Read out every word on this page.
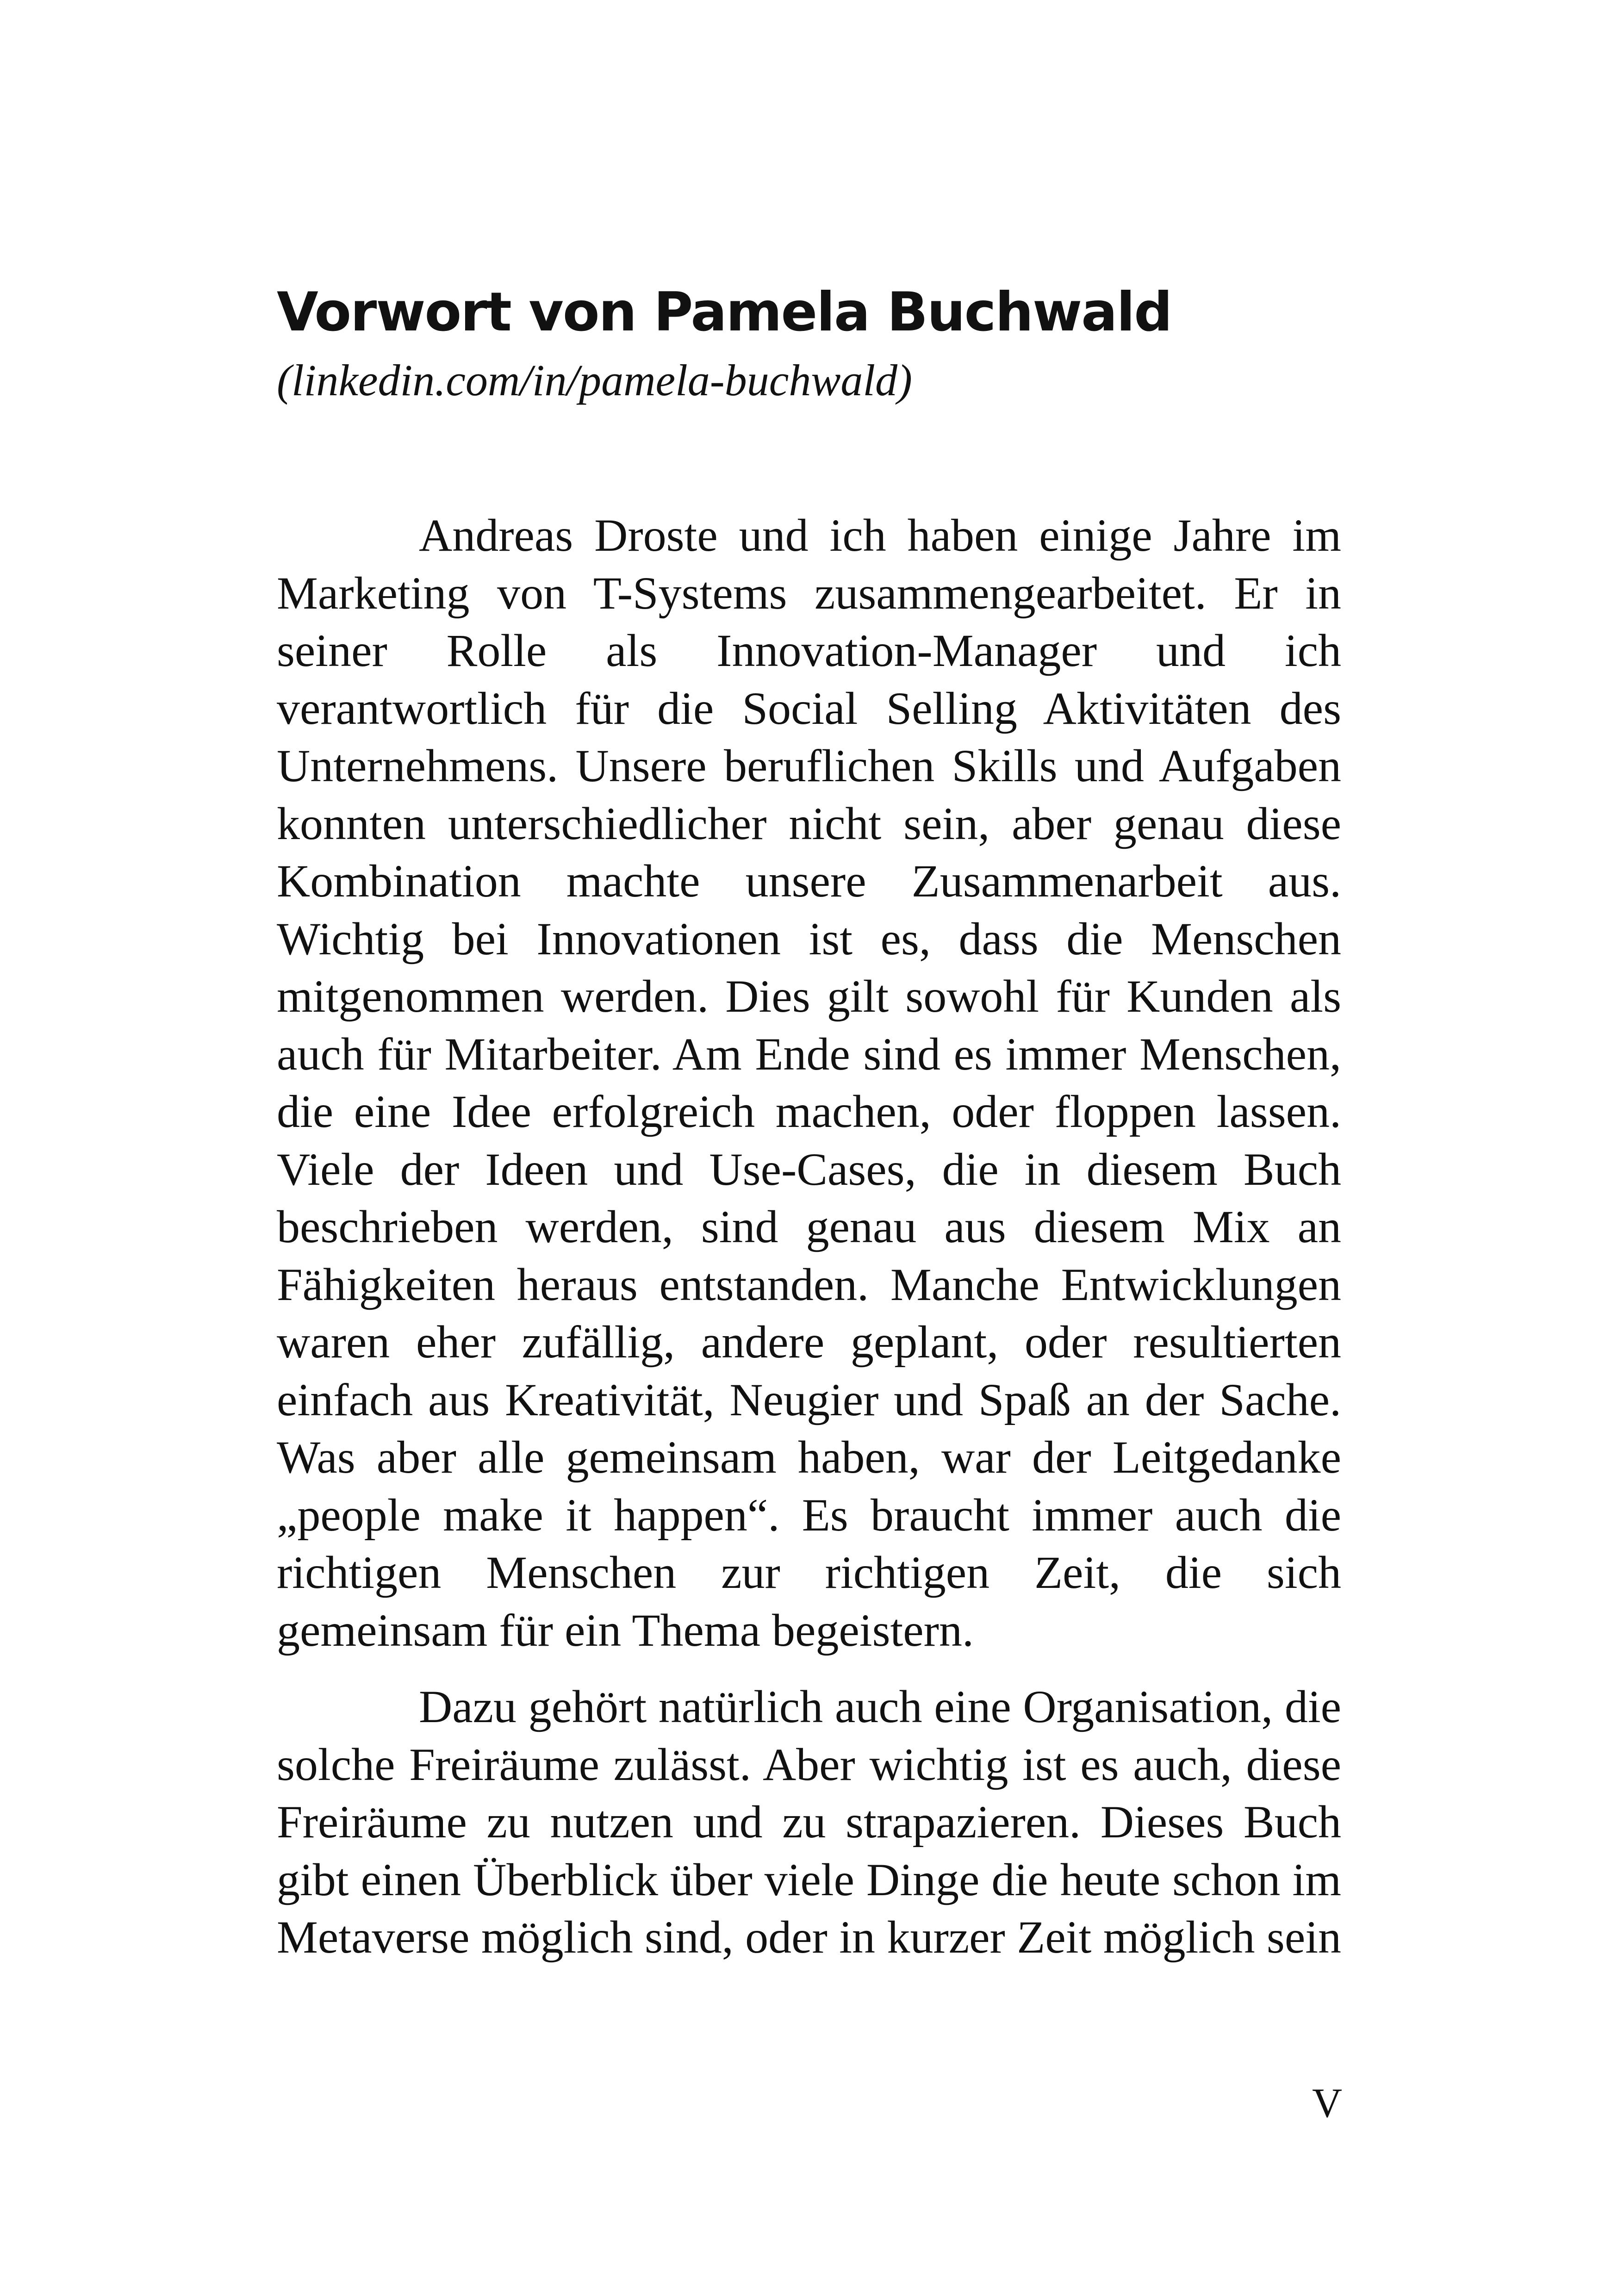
Vorwort von Pamela Buchwald
(linkedin.com/in/pamela-buchwald)
Andreas Droste und ich haben einige Jahre im
Marketing von T-Systems zusammengearbeitet. Er in
seiner Rolle als Innovation-Manager und ich
verantwortlich für die Social Selling Aktivitäten des
Unternehmens. Unsere beruflichen Skills und Aufgaben
konnten unterschiedlicher nicht sein, aber genau diese
Kombination machte unsere Zusammenarbeit aus.
Wichtig bei Innovationen ist es, dass die Menschen
mitgenommen werden. Dies gilt sowohl für Kunden als
auch für Mitarbeiter. Am Ende sind es immer Menschen,
die eine Idee erfolgreich machen, oder floppen lassen.
Viele der Ideen und Use-Cases, die in diesem Buch
beschrieben werden, sind genau aus diesem Mix an
Fähigkeiten heraus entstanden. Manche Entwicklungen
waren eher zufällig, andere geplant, oder resultierten
einfach aus Kreativität, Neugier und Spaß an der Sache.
Was aber alle gemeinsam haben, war der Leitgedanke
„people make it happen“. Es braucht immer auch die
richtigen Menschen zur richtigen Zeit, die sich
gemeinsam für ein Thema begeistern.
Dazu gehört natürlich auch eine Organisation, die
solche Freiräume zulässt. Aber wichtig ist es auch, diese
Freiräume zu nutzen und zu strapazieren. Dieses Buch
gibt einen Überblick über viele Dinge die heute schon im
Metaverse möglich sind, oder in kurzer Zeit möglich sein
V
